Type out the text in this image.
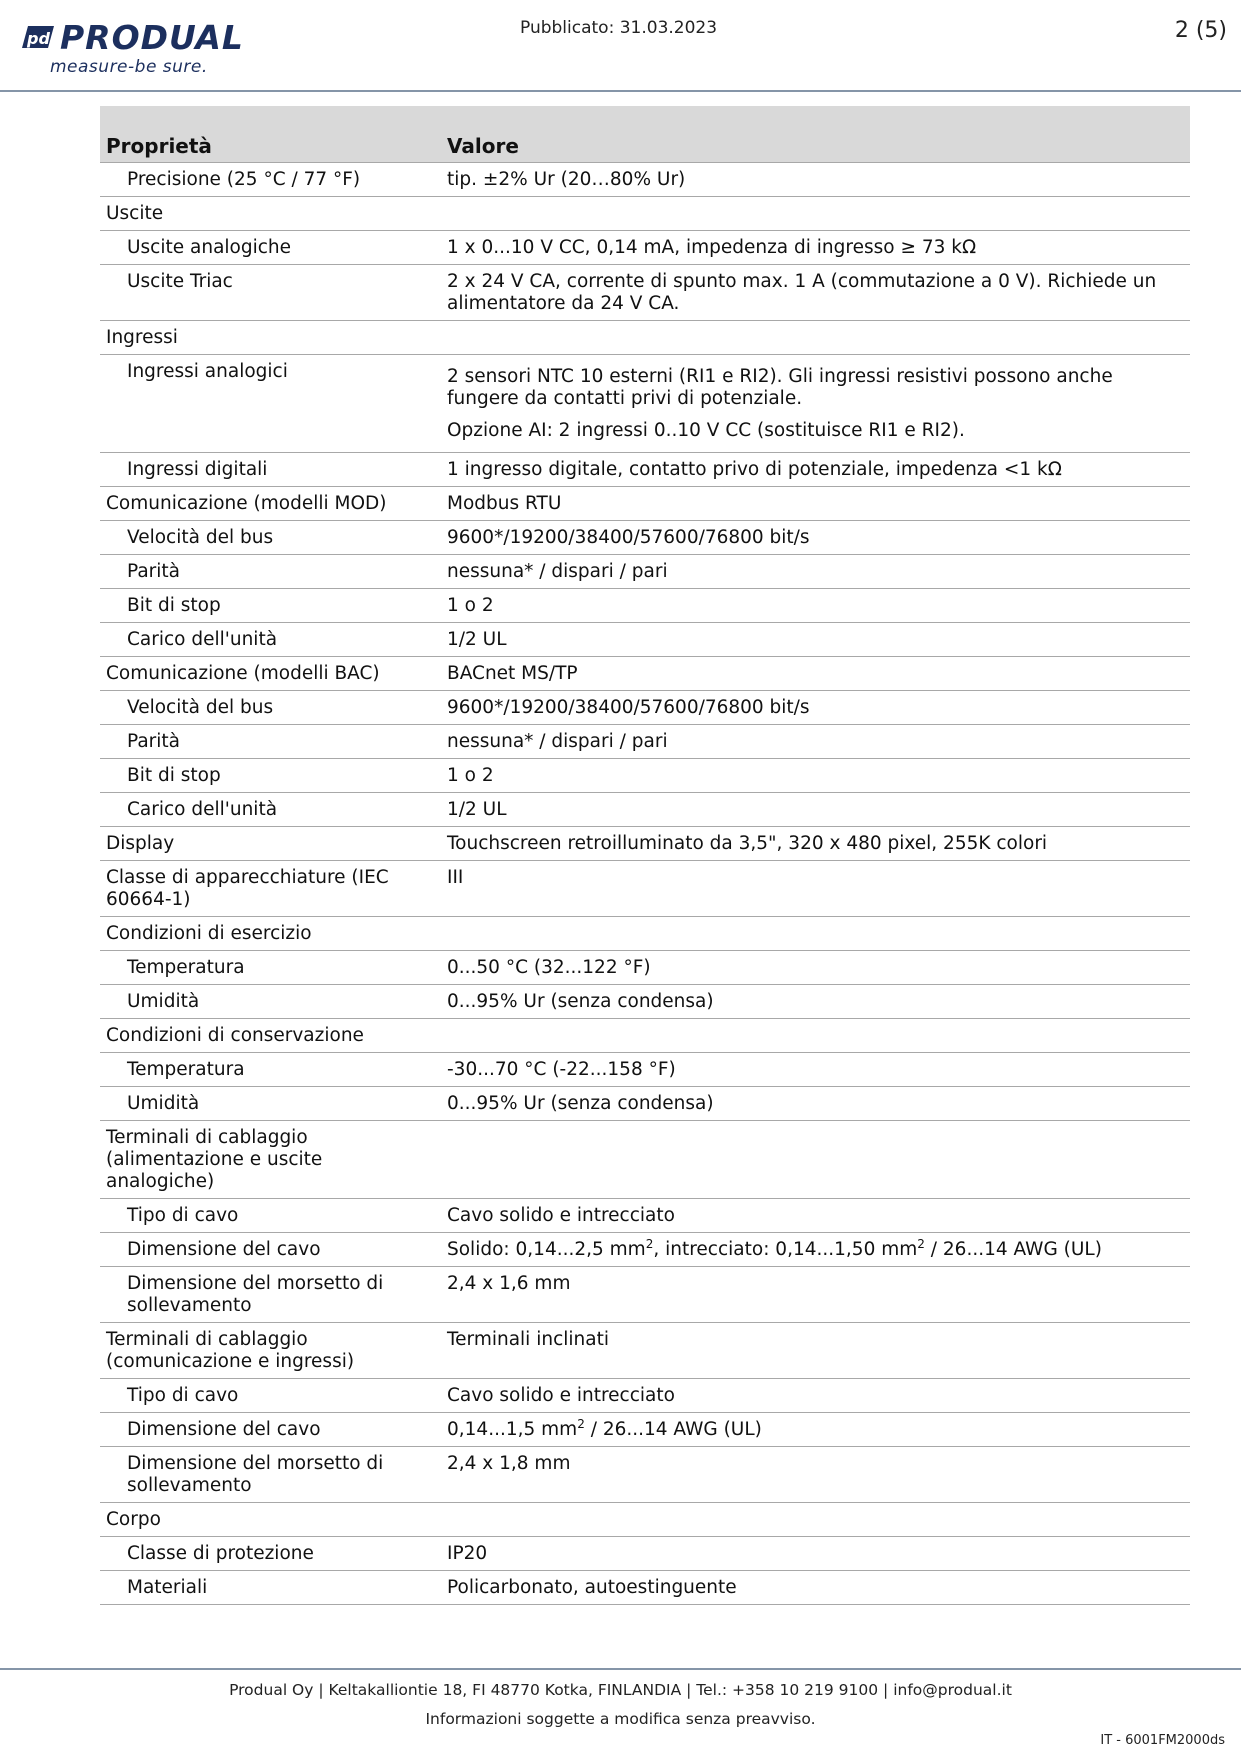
pd PRODUAL
measure-be sure.
Pubblicato: 31.03.2023	2 (5)
Proprietà	Valore
Precisione (25 °C / 77 °F)	tip. ±2% Ur (20…80% Ur)
Uscite	
Uscite analogiche	1 x 0...10 V CC, 0,14 mA, impedenza di ingresso ≥ 73 kΩ
Uscite Triac	2 x 24 V CA, corrente di spunto max. 1 A (commutazione a 0 V). Richiede un alimentatore da 24 V CA.
Ingressi	
Ingressi analogici	2 sensori NTC 10 esterni (RI1 e RI2). Gli ingressi resistivi possono anche fungere da contatti privi di potenziale.

Opzione AI: 2 ingressi 0..10 V CC (sostituisce RI1 e RI2).

Ingressi digitali	1 ingresso digitale, contatto privo di potenziale, impedenza <1 kΩ
Comunicazione (modelli MOD)	Modbus RTU
Velocità del bus	9600*/19200/38400/57600/76800 bit/s
Parità	nessuna* / dispari / pari
Bit di stop	1 o 2
Carico dell'unità	1/2 UL
Comunicazione (modelli BAC)	BACnet MS/TP
Velocità del bus	9600*/19200/38400/57600/76800 bit/s
Parità	nessuna* / dispari / pari
Bit di stop	1 o 2
Carico dell'unità	1/2 UL
Display	Touchscreen retroilluminato da 3,5", 320 x 480 pixel, 255K colori
Classe di apparecchiature (IEC 60664-1)	III
Condizioni di esercizio	
Temperatura	0...50 °C (32...122 °F)
Umidità	0...95% Ur (senza condensa)
Condizioni di conservazione	
Temperatura	-30...70 °C (-22...158 °F)
Umidità	0...95% Ur (senza condensa)
Terminali di cablaggio (alimentazione e uscite analogiche)	
Tipo di cavo	Cavo solido e intrecciato
Dimensione del cavo	Solido: 0,14...2,5 $mm^2$, intrecciato: 0,14...1,50 $mm^2 / 26...14$ AWG (UL)
Dimensione del morsetto di sollevamento	2,4 x 1,6 mm
Terminali di cablaggio (comunicazione e ingressi)	Terminali inclinati
Tipo di cavo	Cavo solido e intrecciato
Dimensione del cavo	0,14...1,5 $mm^2 / 26...14$ AWG (UL)
Dimensione del morsetto di sollevamento	2,4 x 1,8 mm
Corpo	
Classe di protezione	IP20
Materiali	Policarbonato, autoestinguente
Produal Oy | Keltakalliontie 18, FI 48770 Kotka, FINLANDIA | Tel.: +358 10 219 9100 | info@produal.it
Informazioni soggette a modifica senza preavviso.
IT - 6001FM2000ds
